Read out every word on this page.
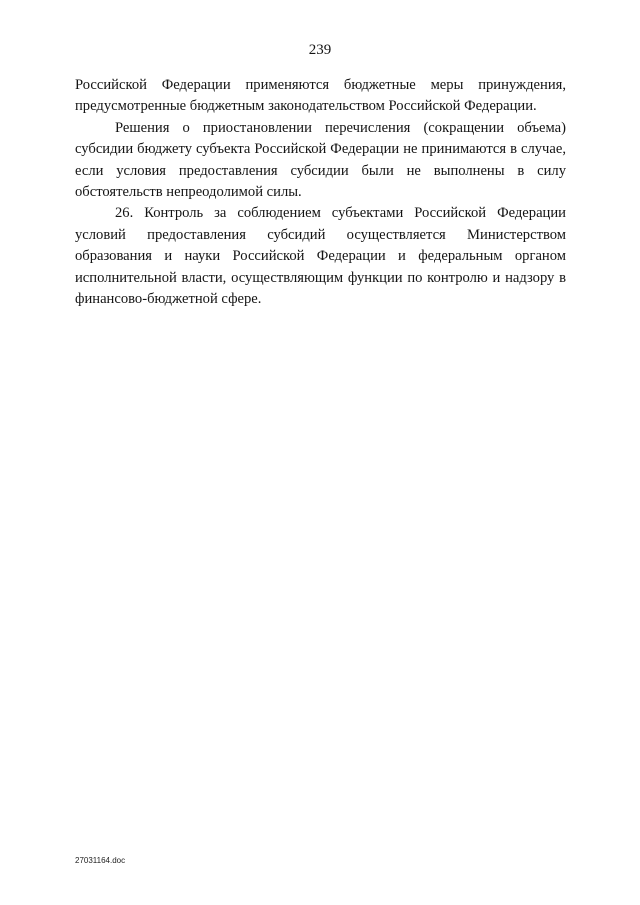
239

Российской Федерации применяются бюджетные меры принуждения, предусмотренные бюджетным законодательством Российской Федерации.

Решения о приостановлении перечисления (сокращении объема) субсидии бюджету субъекта Российской Федерации не принимаются в случае, если условия предоставления субсидии были не выполнены в силу обстоятельств непреодолимой силы.

26. Контроль за соблюдением субъектами Российской Федерации условий предоставления субсидий осуществляется Министерством образования и науки Российской Федерации и федеральным органом исполнительной власти, осуществляющим функции по контролю и надзору в финансово-бюджетной сфере.

27031164.doc
